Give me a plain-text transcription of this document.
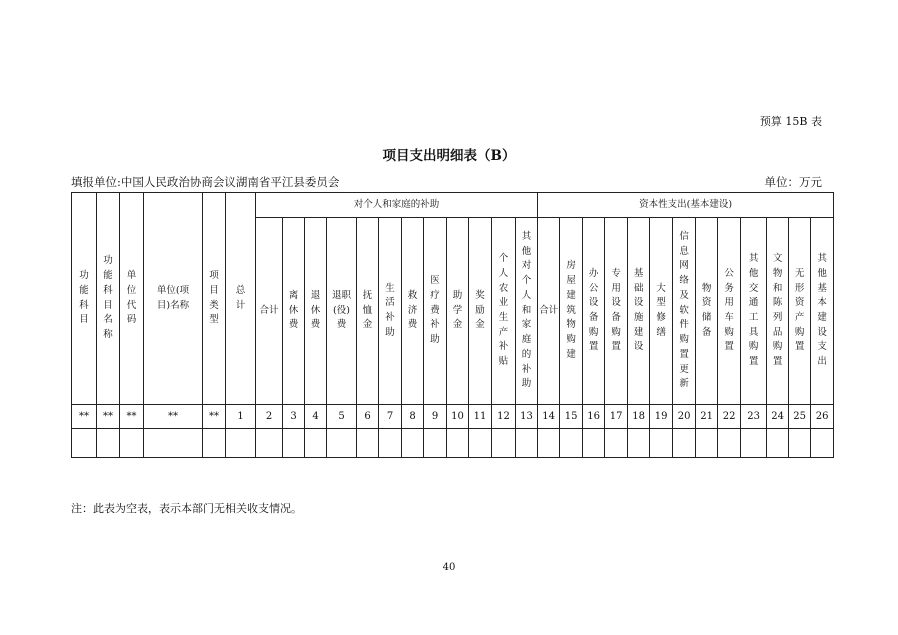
预算 15B 表
项目支出明细表（B）
填报单位:中国人民政治协商会议湖南省平江县委员会	单位：万元
功能科目	功能科目名称	单位代码	单位(项目)名称	项目类型	总计	对个人和家庭的补助												资本性支出(基本建设)												
						合计	离休费	退休费	退职(役)费	抚恤金	生活补助	救济费	医疗费补助	助学金	奖励金	个人农业生产补贴	其他对个人和家庭的补助	合计	房屋建筑物购建	办公设备购置	专用设备购置	基础设施建设	大型修缮	信息网络及软件购置更新	物资储备	公务用车购置	其他交通工具购置	文物和陈列品购置	无形资产购置	其他基本建设支出
**	**	**	**	**	1	2	3	4	5	6	7	8	9	10	11	12	13	14	15	16	17	18	19	20	21	22	23	24	25	26

注：此表为空表，表示本部门无相关收支情况。
40
